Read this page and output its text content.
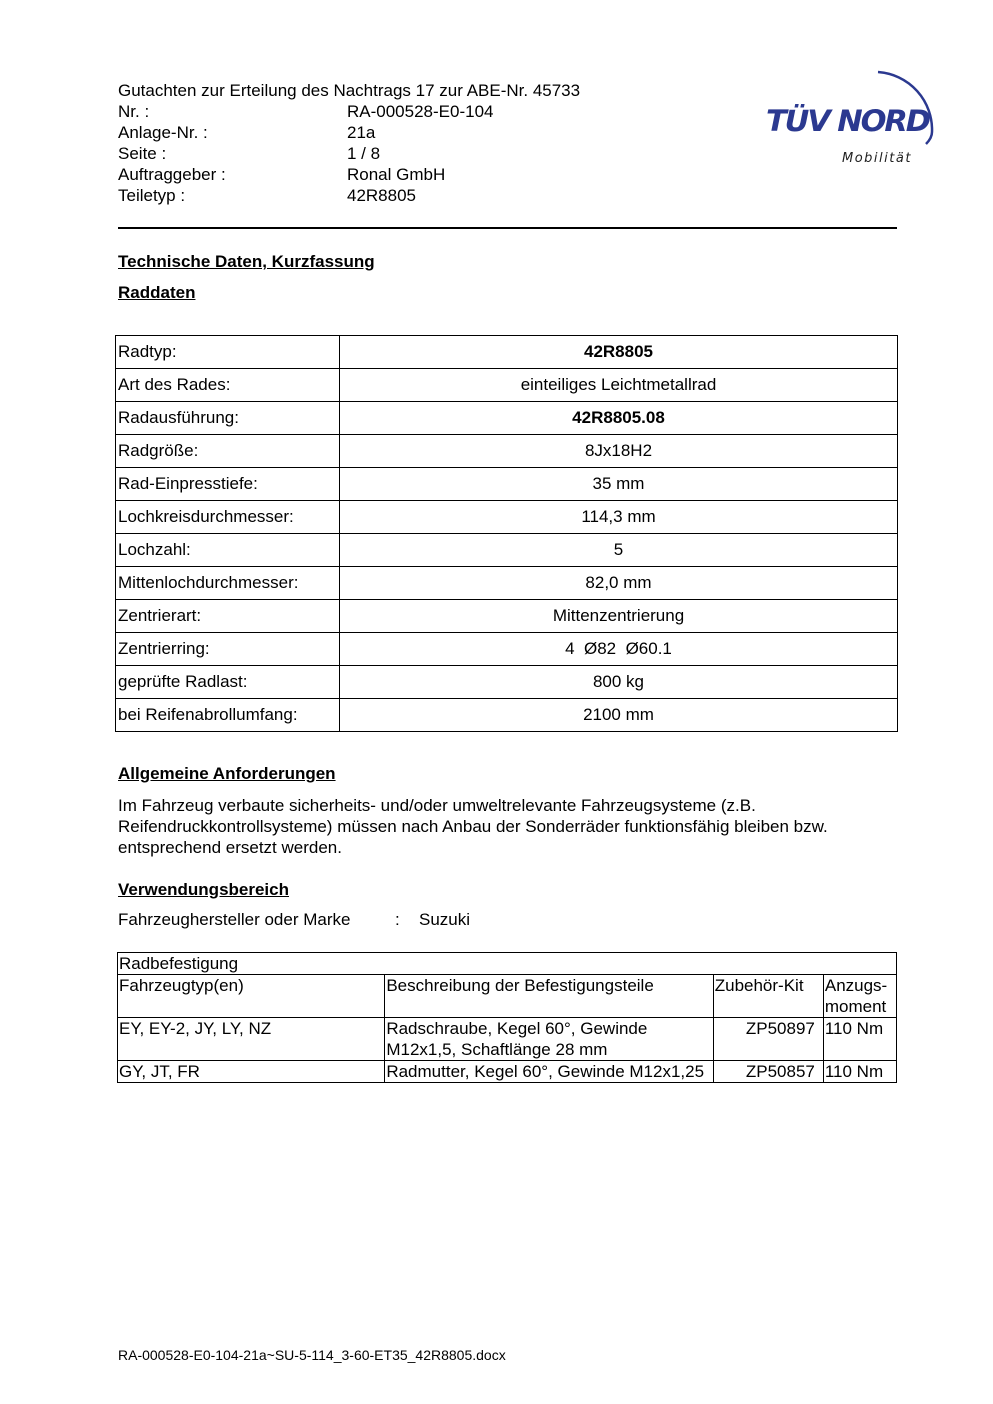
Gutachten zur Erteilung des Nachtrags 17 zur ABE-Nr. 45733
Nr. :	RA-000528-E0-104
Anlage-Nr. :	21a
Seite :	1 / 8
Auftraggeber :	Ronal GmbH
Teiletyp :	42R8805
TÜV NORD
Mobilität
Technische Daten, Kurzfassung
Raddaten
Radtyp:	42R8805
Art des Rades:	einteiliges Leichtmetallrad
Radausführung:	42R8805.08
Radgröße:	8Jx18H2
Rad-Einpresstiefe:	35 mm
Lochkreisdurchmesser:	114,3 mm
Lochzahl:	5
Mittenlochdurchmesser:	82,0 mm
Zentrierart:	Mittenzentrierung
Zentrierring:	4  Ø82  Ø60.1
geprüfte Radlast:	800 kg
bei Reifenabrollumfang:	2100 mm
Allgemeine Anforderungen
Im Fahrzeug verbaute sicherheits- und/oder umweltrelevante Fahrzeugsysteme (z.B. Reifendruckkontrollsysteme) müssen nach Anbau der Sonderräder funktionsfähig bleiben bzw. entsprechend ersetzt werden.
Verwendungsbereich
Fahrzeughersteller oder Marke	: Suzuki
Radbefestigung			
Fahrzeugtyp(en)	Beschreibung der Befestigungsteile	Zubehör-Kit	Anzugs-moment
EY, EY-2, JY, LY, NZ	Radschraube, Kegel 60°, Gewinde M12x1,5, Schaftlänge 28 mm	ZP50897	110 Nm
GY, JT, FR	Radmutter, Kegel 60°, Gewinde M12x1,25	ZP50857	110 Nm
RA-000528-E0-104-21a~SU-5-114_3-60-ET35_42R8805.docx
